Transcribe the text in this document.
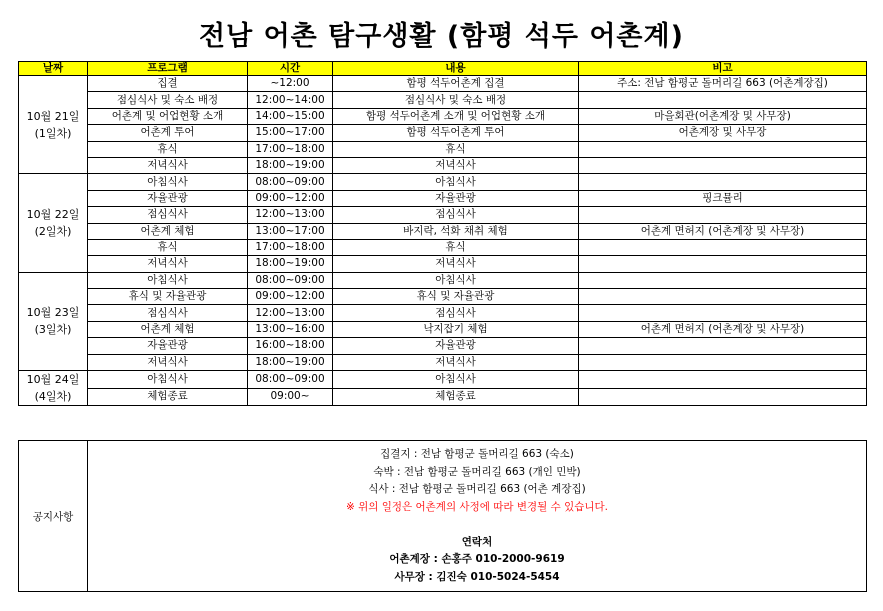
전남 어촌 탐구생활 (함평 석두 어촌계)
날짜	프로그램	시간	내용	비고

10월 21일
(1일차)	집결	~12:00	함평 석두어촌계 집결	주소: 전남 함평군 돌머리길 663 (어촌계장집)
	점심식사 및 숙소 배정	12:00~14:00	점심식사 및 숙소 배정	
	어촌계 및 어업현황 소개	14:00~15:00	함평 석두어촌계 소개 및 어업현황 소개	마을회관(어촌계장 및 사무장)
	어촌계 투어	15:00~17:00	함평 석두어촌계 투어	어촌계장 및 사무장
	휴식	17:00~18:00	휴식	
	저녁식사	18:00~19:00	저녁식사	

10월 22일
(2일차)	아침식사	08:00~09:00	아침식사	
	자율관광	09:00~12:00	자율관광	핑크뮬리
	점심식사	12:00~13:00	점심식사	
	어촌계 체험	13:00~17:00	바지락, 석화 채취 체험	어촌계 면허지 (어촌계장 및 사무장)
	휴식	17:00~18:00	휴식	
	저녁식사	18:00~19:00	저녁식사	

10월 23일
(3일차)	아침식사	08:00~09:00	아침식사	
	휴식 및 자율관광	09:00~12:00	휴식 및 자율관광	
	점심식사	12:00~13:00	점심식사	
	어촌계 체험	13:00~16:00	낙지잡기 체험	어촌계 면허지 (어촌계장 및 사무장)
	자율관광	16:00~18:00	자율관광	
	저녁식사	18:00~19:00	저녁식사	

10월 24일
(4일차)	아침식사	08:00~09:00	아침식사	
	체험종료	09:00~	체험종료	
공지사항	
집결지 : 전남 함평군 돌머리길 663 (숙소)
숙박 : 전남 함평군 돌머리길 663 (개인 민박)
식사 : 전남 함평군 돌머리길 663 (어촌 계장집)
※ 위의 일정은 어촌계의 사정에 따라 변경될 수 있습니다.

연락처
어촌계장 : 손홍주 010-2000-9619
사무장 : 김진숙 010-5024-5454
